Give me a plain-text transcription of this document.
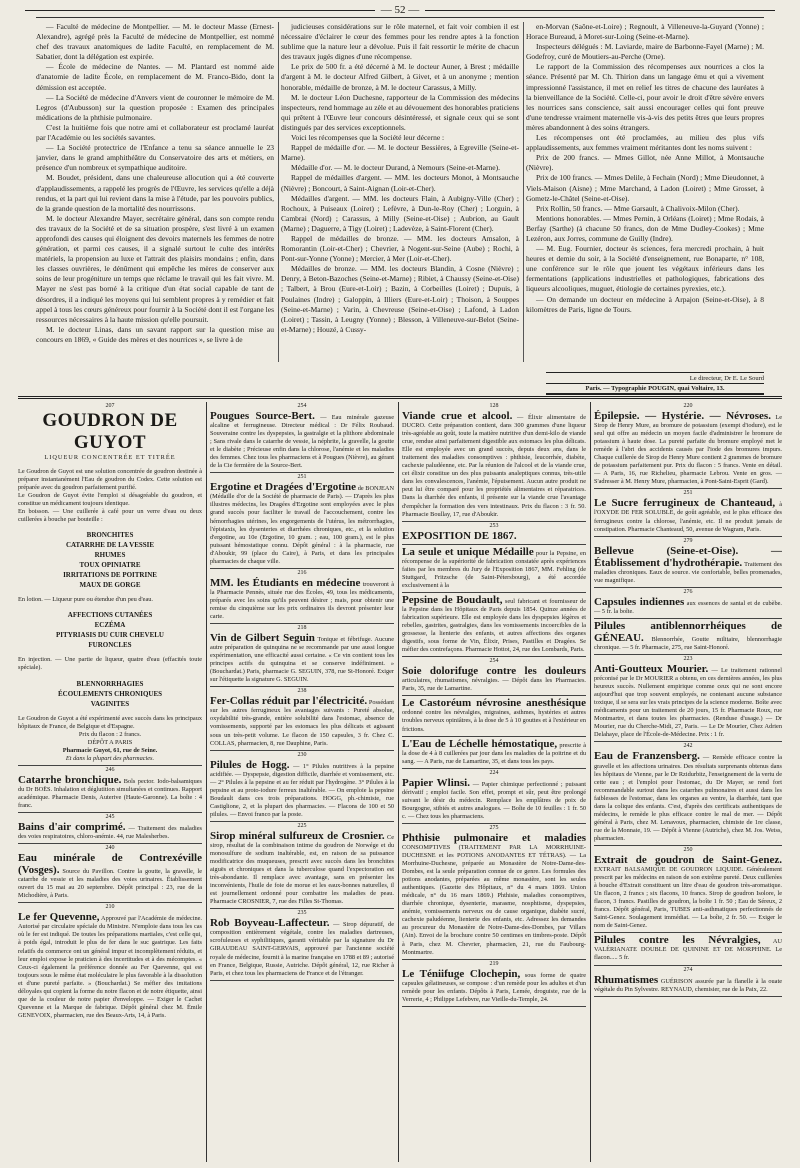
— 52 —

— Faculté de médecine de Montpellier. — M. le docteur Masse (Ernest-Alexandre), agrégé près la Faculté de médecine de Montpellier, est nommé chef des travaux anatomiques de ladite Faculté, en remplacement de M. Sabatier, dont la délégation est expirée.

— École de médecine de Nantes. — M. Plantard est nommé aide d'anatomie de ladite École, en remplacement de M. Franco-Bido, dont la démission est acceptée.

— La Société de médecine d'Anvers vient de couronner le mémoire de M. Legros (d'Aubusson) sur la question proposée : Examen des principales médications de la phthisie pulmonaire.

C'est la huitième fois que notre ami et collaborateur est proclamé lauréat par l'Académie ou les sociétés savantes.

— La Société protectrice de l'Enfance a tenu sa séance annuelle le 23 janvier, dans le grand amphithéâtre du Conservatoire des arts et métiers, en présence d'un nombreux et sympathique auditoire.

M. Boudet, président, dans une chaleureuse allocution qui a été couverte d'applaudissements, a rappelé les progrès de l'Œuvre, les services qu'elle a déjà rendus, et la part qui lui revient dans la mise à l'étude, par les pouvoirs publics, de la grande question de la mortalité des nourrissons.

M. le docteur Alexandre Mayer, secrétaire général, dans son compte rendu des travaux de la Société et de sa situation prospère, s'est livré à un examen approfondi des causes qui éloignent des devoirs maternels les femmes de notre génération, et parmi ces causes, il a signalé surtout le culte des intérêts matériels, la propension au luxe et l'attrait des plaisirs mondains ; enfin, dans les classes ouvrières, le dénûment qui empêche les mères de conserver aux soins de leur progéniture un temps que réclame le travail qui les fait vivre. M. Mayer ne s'est pas borné à la critique d'un état social capable de tant de désordres, il a indiqué les moyens qui lui semblent propres à y remédier et fait appel à tous les cœurs généreux pour fournir à la Société dont il est l'organe les ressources nécessaires à la haute mission qu'elle poursuit.

M. le docteur Linas, dans un savant rapport sur la question mise au concours en 1869, « Guide des mères et des nourrices », se livre à de

judicieuses considérations sur le rôle maternel, et fait voir combien il est nécessaire d'éclairer le cœur des femmes pour les rendre aptes à la fonction sublime que la nature leur a dévolue. Puis il fait ressortir le mérite de chacun des travaux jugés dignes d'une récompense.

Le prix de 500 fr. a été décerné à M. le docteur Auner, à Brest ; médaille d'argent à M. le docteur Alfred Gilbert, à Givet, et à un anonyme ; mention honorable, médaille de bronze, à M. le docteur Carassus, à Milly.

M. le docteur Léon Duchesne, rapporteur de la Commission des médecins inspecteurs, rend hommage au zèle et au dévouement des honorables praticiens qui prêtent à l'Œuvre leur concours désintéressé, et signale ceux qui se sont distingués par des services exceptionnels.

Voici les récompenses que la Société leur décerne :

Rappel de médaille d'or. — M. le docteur Bessières, à Egreville (Seine-et-Marne).

Médaille d'or. — M. le docteur Durand, à Nemours (Seine-et-Marne).

Rappel de médailles d'argent. — MM. les docteurs Monot, à Montsauche (Nièvre) ; Boncourt, à Saint-Aignan (Loir-et-Cher).

Médailles d'argent. — MM. les docteurs Flain, à Aubigny-Ville (Cher) ; Rochoux, à Puiseaux (Loiret) ; Lefèvre, à Dun-le-Roy (Cher) ; Lorguin, à Cambrai (Nord) ; Carassus, à Milly (Seine-et-Oise) ; Aubrion, au Gault (Marne) ; Daguerre, à Tigy (Loiret) ; Ladevèze, à Saint-Florent (Cher).

Rappel de médailles de bronze. — MM. les docteurs Amsalon, à Romorantin (Loir-et-Cher) ; Chevrier, à Nogent-sur-Seine (Aube) ; Rochi, à Pont-sur-Yonne (Yonne) ; Mercier, à Mer (Loir-et-Cher).

Médailles de bronze. — MM. les docteurs Blandin, à Cosne (Nièvre) ; Denry, à Beton-Bazoches (Seine-et-Marne) ; Ribiet, à Chaussy (Seine-et-Oise) ; Talbert, à Brou (Eure-et-Loir) ; Bazin, à Corbeilles (Loiret) ; Dupuis, à Poulaines (Indre) ; Galoppin, à Illiers (Eure-et-Loir) ; Thoison, à Souppes (Seine-et-Marne) ; Varin, à Chevreuse (Seine-et-Oise) ; Lafond, à Ladon (Loiret) ; Tassin, à Leugny (Yonne) ; Blesson, à Villeneuve-sur-Belot (Seine-et-Marne) ; Houzé, à Cussy-

en-Morvan (Saône-et-Loire) ; Regnoult, à Villeneuve-la-Guyard (Yonne) ; Horace Bureaud, à Moret-sur-Loing (Seine-et-Marne).

Inspecteurs délégués : M. Laviarde, maire de Barbonne-Fayel (Marne) ; M. Godefroy, curé de Moutiers-au-Perche (Orne).

Le rapport de la Commission des récompenses aux nourrices a clos la séance. Présenté par M. Ch. Thirion dans un langage ému et qui a vivement impressionné l'assistance, il met en relief les titres de chacune des lauréates à la bienveillance de la Société. Celle-ci, pour avoir le droit d'être sévère envers les nourrices sans conscience, sait aussi encourager celles qui font preuve d'une tendresse vraiment maternelle vis-à-vis des petits êtres que leurs propres mères abandonnent à des soins étrangers.

Les récompenses ont été proclamées, au milieu des plus vifs applaudissements, aux femmes vraiment méritantes dont les noms suivent :

Prix de 200 francs. — Mmes Gillot, née Anne Millot, à Montsauche (Nièvre).

Prix de 100 francs. — Mmes Delile, à Fechain (Nord) ; Mme Dieudonnet, à Viels-Maison (Aisne) ; Mme Marchand, à Ladon (Loiret) ; Mme Grosset, à Gometz-le-Châtel (Seine-et-Oise).

Prix Rollin, 50 francs. — Mme Garsault, à Chalivoix-Milon (Cher).

Mentions honorables. — Mmes Pernin, à Orléans (Loiret) ; Mme Rodais, à Berfay (Sarthe) (à chacune 50 francs, don de Mme Dudley-Cookes) ; Mme Lezéron, aux Jorres, commune de Guilly (Indre).

— M. Eug. Fournier, docteur ès sciences, fera mercredi prochain, à huit heures et demie du soir, à la Société d'enseignement, rue Bonaparte, n° 108, une conférence sur le rôle que jouent les végétaux inférieurs dans les fermentations (applications industrielles et pathologiques, fabrications des liqueurs alcooliques, muguet, étiologie de certaines pyrexies, etc.).

— On demande un docteur en médecine à Arpajon (Seine-et-Oise), à 8 kilomètres de Paris, ligne de Tours.

Le directeur, Dr E. Le Sourd
Paris. — Typographie POUGIN, quai Voltaire, 13.

207

GOUDRON DE GUYOT

LIQUEUR CONCENTRÉE ET TITRÉE

Le Goudron de Guyot est une solution concentrée de goudron destinée à préparer instantanément l'Eau de goudron du Codex. Cette solution est préparée avec du goudron parfaitement purifié.

Le Goudron de Guyot évite l'emploi si désagréable du goudron, et constitue un médicament toujours identique.

En boisson. — Une cuillerée à café pour un verre d'eau ou deux cuillerées à bouche par bouteille :

BRONCHITES
CATARRHE DE LA VESSIE
RHUMES
TOUX OPINIATRE
IRRITATIONS DE POITRINE
MAUX DE GORGE

En lotion. — Liqueur pure ou étendue d'un peu d'eau.

AFFECTIONS CUTANÉES
ECZÉMA
PITYRIASIS DU CUIR CHEVELU
FURONCLES

En injection. — Une partie de liqueur, quatre d'eau (effacités toute spéciale).

BLENNORRHAGIES
ÉCOULEMENTS CHRONIQUES
VAGINITES

Le Goudron de Guyot a été expérimenté avec succès dans les principaux hôpitaux de France, de Belgique et d'Espagne.

Prix du flacon : 2 francs.

DÉPÔT A PARIS

Pharmacie Guyot, 61, rue de Seine.

Et dans la plupart des pharmacies.

246

Catarrhe bronchique. Bols pector. Iodo-balsamiques du Dr BOËS. Inhalation et déglutition simultanées et continues. Rapport académique. Pharmacie Denis, Auterive (Haute-Garonne). La boîte : 4 franc.

245

Bains d'air comprimé. — Traitement des maladies des voies respiratoires, chloro-anémie. 44, rue Malesherbes.

240

Eau minérale de Contrexéville (Vosges). Source du Pavillon. Contre la goutte, la gravelle, le catarrhe de vessie et les maladies des voies urinaires. Établissement ouvert du 15 mai au 20 septembre. Dépôt principal : 23, rue de la Michodière, à Paris.

210

Le fer Quevenne, Approuvé par l'Académie de médecine. Autorisé par circulaire spéciale du Ministre. N'emploie dans tous les cas où le fer est indiqué. De toutes les préparations martiales, c'est celle qui, à poids égal, introduit le plus de fer dans le suc gastrique. Les faits relatifs du commerce ont un général impur et incomplètement réduits, et leur emploi expose le praticien à des incertitudes et à des mécomptes. « Ceux-ci également la préférence donnée au Fer Quevenne, qui est toujours sous le même état moléculaire le plus favorable à la dissolution et d'une pureté parfaite. » (Bouchardat.) Se méfier des imitations déloyales qui copient la forme du notre flacon et de notre étiquette, ainsi que de la couleur de notre papier d'enveloppe. — Exiger le Cachet Quevenne et la Marque de fabrique. Dépôt général chez M. Émile GENEVOIX, pharmacien, rue des Beaux-Arts, 14, à Paris.

254

Pougues Source-Bert. — Eau minérale gazeuse alcaline et ferrugineuse. Directeur médical : Dr Félix Roubaud. Souveraine contre les dyspepsies, la gastralgie et la plithore abdominale ; Sans rivale dans le catarrhe de vessie, la néphrite, la gravelle, la goutte et le diabète ; Précieuse enfin dans la chlorose, l'anémie et les maladies des femmes. Chez tous les pharmaciens et à Pougues (Nièvre), au gérant de la Cie fermière de la Source-Bert.

251

Ergotine et Dragées d'Ergotine de BONJEAN (Médaille d'or de la Société de pharmacie de Paris). — D'après les plus illustres médecins, les Dragées d'Ergotine sont employées avec le plus grand succès pour faciliter le travail de l'accouchement, contre les hémorrhagies utérines, les engorgements de l'utérus, les métrorrhagies, l'épistaxis, les dysenteries et diarrhées chroniques, etc., et la solution d'ergotine, au 10e (Ergotine, 10 gram. ; eau, 100 gram.), est le plus puissant hémostatique connu. Dépôt général : à la pharmacie, rue d'Aboukir, 99 (place du Caire), à Paris, et dans les principales pharmacies de chaque ville.

216

MM. les Étudiants en médecine trouveront à la Pharmacie Pennès, située rue des Écoles, 49, tous les médicaments, préparés avec les soins qu'ils peuvent désirer ; mais, pour obtenir une remise du cinquième sur les prix ordinaires ils devront présenter leur carte.

218

Vin de Gilbert Seguin Tonique et fébrifuge. Aucune autre préparation de quinquina ne se recommande par une aussi longue expérimentation, une efficacité aussi certaine. « Ce vin contient tous les principes actifs du quinquina et se conserve indéfiniment. » (Bouchardat.) Paris, pharmacie G. SEGUIN, 378, rue St-Honoré. Exiger sur l'étiquette la signature G. SEGUIN.

238

Fer-Collas réduit par l'électricité. Possédant sur les autres ferrugineux les avantages suivants : Pureté absolue, oxydabilité très-grande, entière solubilité dans l'estomac, absence de vomissements, supporté par les estomacs les plus délicats et agissant sous un très-petit volume. Le flacon de 150 capsules, 3 fr. Chez C. COLLAS, pharmacien, 8, rue Dauphine, Paris.

230

Pilules de Hogg. — 1° Pilules nutritives à la pepsine acidifiée. — Dyspepsie, digestion difficile, diarrhée et vomissement, etc. — 2° Pilules à la pepsine et au fer réduit par l'hydrogène. 3° Pilules à la pepsine et au proto-iodure ferreux inaltérable. — On emploie la pepsine Boudault dans ces trois préparations. HOGG, ph.-chimiste, rue Castiglione, 2, et la plupart des pharmacies. — Flacons de 100 et 50 pilules. — Envoi franco par la poste.

225

Sirop minéral sulfureux de Crosnier. Ce sirop, résultat de la combinaison intime du goudron de Norwége et du monosulfure de sodium inaltérable, est, en raison de sa puissance modificatrice des muqueuses, prescrit avec succès dans les bronchites aiguës et chroniques et dans la tuberculose quand l'expectoration est très-abondante. Il remplace avec avantage, sans en présenter les inconvénients, l'huile de foie de morue et les eaux-bonnes naturelles, il est journellement ordonné pour combattre les maladies de peau. Pharmacie CROSNIER, 7, rue des Filles St-Thomas.

235

Rob Boyveau-Laffecteur. — Sirop dépuratif, de composition entièrement végétale, contre les maladies dartreuses, scrofuleuses et syphilitiques, garanti véritable par la signature du Dr GIRAUDEAU SAINT-GERVAIS, approuvé par l'ancienne société royale de médecine, fournit à la marine française en 1788 et 89 ; autorisé en France, Belgique, Russie, Autriche. Dépôt général, 12, rue Richer à Paris, et chez tous les pharmaciens de France et de l'étranger.

128

Viande crue et alcool. — Élixir alimentaire de DUCRO. Cette préparation contient, dans 300 grammes d'une liqueur très-agréable au goût, toute la matière nutritive d'un demi-kilo de viande crue, rendue ainsi parfaitement digestible aux estomacs les plus délicats. Elle est employée avec un grand succès, depuis deux ans, dans le traitement des maladies consomptives : phthisie, leucorrhée, diabète, cachexie paludéenne, etc. Par la réunion de l'alcool et de la viande crue, cet élixir constitue un des plus puissants analeptiques connus, très-utile dans les convalescences, l'anémie, l'épuisement. Aucun autre produit ne peut lui être comparé pour les propriétés alimentaires et réparatrices. Dans la diarrhée des enfants, il présente sur la viande crue l'avantage d'empêcher la formation des vers intestinaux. Prix du flacon : 3 fr. 50. Pharmacie Boullay, 17, rue d'Aboukir.

253

EXPOSITION DE 1867.

La seule et unique Médaille pour la Pepsine, en récompense de la supériorité de fabrication constatée après expériences faites par les membres du Jury de l'Exposition 1867, MM. Fehling (de Stuttgard, Fritzsche (de Saint-Pétersbourg), a été accordée exclusivement à la

Pepsine de Boudault, seul fabricant et fournisseur de la Pepsine dans les Hôpitaux de Paris depuis 1854. Quinze années de fabrication supérieure. Elle est employée dans les dyspepsies légères et rebelles, gastrites, gastralgies, dans les vomissements incoercibles de la grossesse, la lienterie des enfants, et autres affections des organes digestifs, sous forme de Vin, Élixir, Prises, Pastilles et Dragées. Se méfier des contrefaçons. Pharmacie Hottot, 24, rue des Lombards, Paris.

254

Soie dolorifuge contre les douleurs articulaires, rhumatismes, névralgies. — Dépôt dans les Pharmacies. Paris, 35, rue de Lamartine.

Le Castoréum névrosine anesthésique ordonné contre les névralgies, migraines, asthmes, hystéries et autres troubles nerveux opiniâtres, à la dose de 5 à 10 gouttes et à l'extérieur en frictions.

L'Eau de Léchelle hémostatique, prescrite à la dose de 4 à 8 cuillerées par jour dans les maladies de la poitrine et du sang. — A Paris, rue de Lamartine, 35, et dans tous les pays.

224

Papier Wlinsi. — Papier chimique perfectionné ; puissant dérivatif ; emploi facile. Son effet, prompt et sûr, peut être prolongé suivant le désir du médecin. Remplace les emplâtres de poix de Bourgogne, stibiés et autres analogues. — Boîte de 10 feuilles : 1 fr. 50 c. — Chez tous les pharmaciens.

275

Phthisie pulmonaire et maladies CONSOMPTIVES (TRAITEMENT PAR LA MORRHUINE-DUCHESNE et les POTIONS ANODANTES ET TÉTRAS). — La Morrhuine-Duchesne, préparée au Monastère de Notre-Dame-des-Dombes, est la seule préparation connue de ce genre. Les formules des potions anodantes, préparées au même monastère, sont les seules authentiques. (Gazette des Hôpitaux, n° du 4 mars 1869. Union médicale, n° du 16 mars 1869.) Phthisie, maladies consomptives, diarrhée chronique, dysenterie, marasme, nosphtisme, dyspepsies, anémie, vomissements nerveux ou de cause organique, diabète sucré, cachexie paludéenne, lienterie des enfants, etc. Adressez les demandes au procureur du Monastère de Notre-Dame-des-Dombes, par Villars (Ain). Envoi de la brochure contre 50 centimes en timbres-poste. Dépôt à Paris, chez M. Chevrier, pharmacien, 21, rue du Faubourg-Montmartre.

219

Le Téniifuge Clochepin, sous forme de quatre capsules gélatineuses, se compose : d'un remède pour les adultes et d'un remède pour les enfants. Dépôts à Paris, Lemée, droguiste, rue de la Verrerie, 4 ; Philippe Lefebvre, rue Vieille-du-Temple, 24.

220

Épilepsie. — Hystérie. — Névroses. Le Sirop de Henry Mure, au bromure de potassium (exempt d'iodure), est le seul qui offre au médecin un moyen facile d'administrer le bromure de potassium à haute dose. La pureté parfaite du bromure employé met le remède à l'abri des accidents causés par l'iode des bromures impurs. Chaque cuillerée de Sirop de Henry Mure contient 2 grammes de bromure de potassium parfaitement pur. Prix du flacon : 5 francs. Vente en détail. — A Paris, 16, rue Richelieu, pharmacie Lebrou. Vente en gros. — S'adresser à M. Henry Mure, pharmacien, à Pont-Saint-Esprit (Gard).

251

Le Sucre ferrugineux de Chanteaud, à l'OXYDE DE FER SOLUBLE, de goût agréable, est le plus efficace des ferrugineux contre la chlorose, l'anémie, etc. Il ne produit jamais de constipation. Pharmacie Chanteaud, 50, avenue de Wagram, Paris.

279

Bellevue (Seine-et-Oise). — Établissement d'hydrothérapie. Traitement des maladies chroniques. Eaux de source. vie confortable, belles promenades, vue magnifique.

276

Capsules indiennes aux essences de santal et de cubèbe. — 5 fr. la boîte.

Pilules antiblennorrhéiques de GÉNEAU. Blennorrhée, Goutte militaire, blennorrhagie chronique. — 5 fr. Pharmacie, 275, rue Saint-Honoré.

223

Anti-Goutteux Mourier. — Le traitement rationnel préconisé par le Dr MOURIER a obtenu, en ces dernières années, les plus heureux succès. Nullement empirique comme ceux qui ne sont encore aujourd'hui que trop souvent employés, ne contenant aucune substance toxique, il se sera sur les vrais principes de la science moderne. Boîte avec médicaments pour un traitement de 20 jours, 15 fr. Pharmacie Roux, rue Montmartre, et dans toutes les pharmacies. (Renduse d'usage.) — Dr Mourier, rue du Cherche-Midi, 27, Paris. — Le Dr Mourier, Chez Adrien Delahaye, place de l'École-de-Médecine. Prix : 1 fr.

242

Eau de Franzensberg. — Remède efficace contre la gravelle et les affections urinaires. Des résultats surprenants obtenus dans les hôpitaux de Vienne, par le Dr Rzidurbitz, l'enseignement de la vertu de cette eau ; et l'emploi pour l'estomac, du Dr Mayer, se rend fort recommandable surtout dans les catarrhes pulmonaires et aussi dans les faiblesses de l'estomac, dans les organes au ventre, la diarrhée, tant que dans la colique des enfants. C'est, d'après des certificats authentiques de médecins, le remède le plus efficace contre le mal de mer. — Dépôt général à Paris, chez M. Lenavoux, pharmacien, chimiste de 1re classe, rue de la Monnaie, 19. — Dépôt à Vienne (Autriche), chez M. Jos. Weiss, pharmacien.

250

Extrait de goudron de Saint-Genez. EXTRAIT BALSAMIQUE DE GOUDRON LIQUIDE. Généralement prescrit par les médecins en raison de son extrême pureté. Deux cuillerées à bouche d'Extrait constituent un litre d'eau de goudron très-aromatique. Un flacon, 2 francs ; six flacons, 10 francs. Sirop de goudron Isolore, le flacon, 3 francs. Pastilles de goudron, la boîte 1 fr. 50 ; Eau de Séreux, 2 francs. Dépôt général, Paris, TUBES anti-asthmatiques perfectionnés de Saint-Genez. Soulagement immédiat. — La boîte, 2 fr. 50. — Exiger le nom de Saint-Genez.

Pilules contre les Névralgies, AU VALÉRIANATE DOUBLE DE QUININE ET DE MORPHINE. Le flacon..... 5 fr.

274

Rhumatismes GUÉRISON assurée par la flanelle à la ouate végétale du Pin Sylvestre. REYNAUD, chemisier, rue de la Paix, 22.
